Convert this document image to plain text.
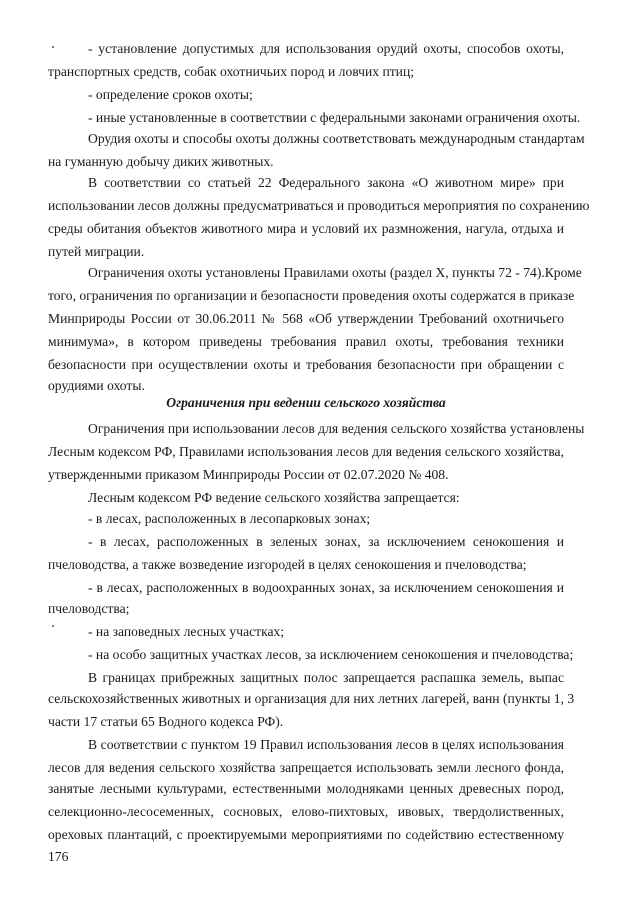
- установление допустимых для использования орудий охоты, способов охоты,
транспортных средств, собак охотничьих пород и ловчих птиц;
- определение сроков охоты;
- иные установленные в соответствии с федеральными законами ограничения охоты.
Орудия охоты и способы охоты должны соответствовать международным стандартам
на гуманную добычу диких животных.
В соответствии со статьей 22 Федерального закона «О животном мире» при
использовании лесов должны предусматриваться и проводиться мероприятия по сохранению
среды обитания объектов животного мира и условий их размножения, нагула, отдыха и
путей миграции.
Ограничения охоты установлены Правилами охоты (раздел X, пункты 72 - 74).Кроме
того, ограничения по организации и безопасности проведения охоты содержатся в приказе
Минприроды России от 30.06.2011 № 568 «Об утверждении Требований охотничьего
минимума», в котором приведены требования правил охоты, требования техники
безопасности при осуществлении охоты и требования безопасности при обращении с
орудиями охоты.
Ограничения при ведении сельского хозяйства
Ограничения при использовании лесов для ведения сельского хозяйства установлены
Лесным кодексом РФ, Правилами использования лесов для ведения сельского хозяйства,
утвержденными приказом Минприроды России от 02.07.2020 № 408.
Лесным кодексом РФ ведение сельского хозяйства запрещается:
- в лесах, расположенных в лесопарковых зонах;
- в лесах, расположенных в зеленых зонах, за исключением сенокошения и
пчеловодства, а также возведение изгородей в целях сенокошения и пчеловодства;
- в лесах, расположенных в водоохранных зонах, за исключением сенокошения и
пчеловодства;
- на заповедных лесных участках;
- на особо защитных участках лесов, за исключением сенокошения и пчеловодства;
В границах прибрежных защитных полос запрещается распашка земель, выпас
сельскохозяйственных животных и организация для них летних лагерей, ванн (пункты 1, 3
части 17 статьи 65 Водного кодекса РФ).
В соответствии с пунктом 19 Правил использования лесов в целях использования
лесов для ведения сельского хозяйства запрещается использовать земли лесного фонда,
занятые лесными культурами, естественными молодняками ценных древесных пород,
селекционно-лесосеменных, сосновых, елово-пихтовых, ивовых, твердолиственных,
ореховых плантаций, с проектируемыми мероприятиями по содействию естественному
176
